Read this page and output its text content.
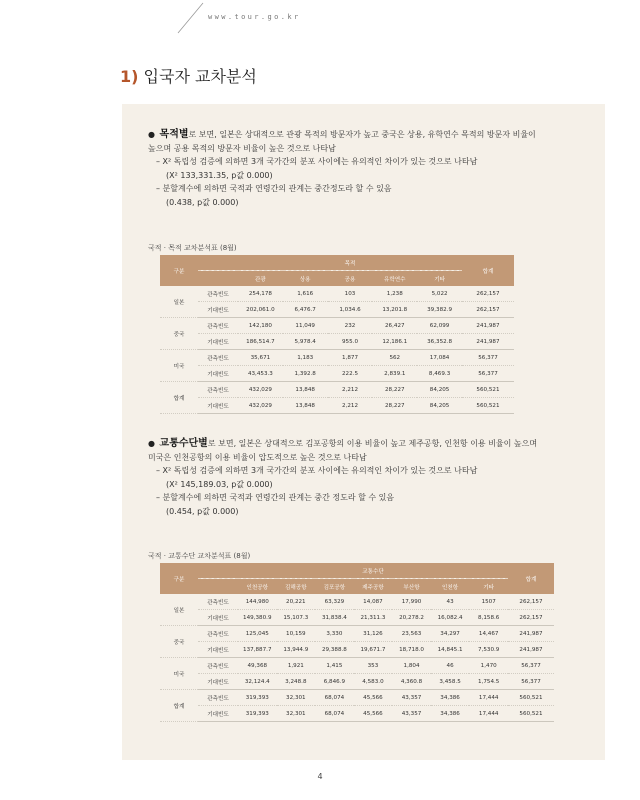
www.tour.go.kr
1) 입국자 교차분석
● 목적별로 보면, 일본은 상대적으로 관광 목적의 방문자가 높고 중국은 상용, 유학연수 목적의 방문자 비율이
높으며 공용 목적의 방문자 비율이 높은 것으로 나타남
– X² 독립성 검증에 의하면 3개 국가간의 분포 사이에는 유의적인 차이가 있는 것으로 나타남
(X² 133,331.35, p값 0.000)
– 분할계수에 의하면 국적과 연령간의 관계는 중간정도라 할 수 있음
(0.438, p값 0.000)
국적 · 목적 교차분석표 (8월)
구분		목적					합계
		관광	상용	공용	유학연수	기타	
일본	관측빈도	254,178	1,616	103	1,238	5,022	262,157
	기대빈도	202,061.0	6,476.7	1,034.6	13,201.8	39,382.9	262,157
중국	관측빈도	142,180	11,049	232	26,427	62,099	241,987
	기대빈도	186,514.7	5,978.4	955.0	12,186.1	36,352.8	241,987
미국	관측빈도	35,671	1,183	1,877	562	17,084	56,377
	기대빈도	43,453.3	1,392.8	222.5	2,839.1	8,469.3	56,377
합계	관측빈도	432,029	13,848	2,212	28,227	84,205	560,521
	기대빈도	432,029	13,848	2,212	28,227	84,205	560,521
● 교통수단별로 보면, 일본은 상대적으로 김포공항의 이용 비율이 높고 제주공항, 인천항 이용 비율이 높으며
미국은 인천공항의 이용 비율이 압도적으로 높은 것으로 나타남
– X² 독립성 검증에 의하면 3개 국가간의 분포 사이에는 유의적인 차이가 있는 것으로 나타남
(X² 145,189.03, p값 0.000)
– 분할계수에 의하면 국적과 연령간의 관계는 중간 정도라 할 수 있음
(0.454, p값 0.000)
국적 · 교통수단 교차분석표 (8월)
구분		교통수단							합계
		인천공항	김해공항	김포공항	제주공항	부산항	인천항	기타	
일본	관측빈도	144,980	20,221	63,329	14,087	17,990	43	1507	262,157
	기대빈도	149,380.9	15,107.3	31,838.4	21,311.3	20,278.2	16,082.4	8,158.6	262,157
중국	관측빈도	125,045	10,159	3,330	31,126	23,563	34,297	14,467	241,987
	기대빈도	137,887.7	13,944.9	29,388.8	19,671.7	18,718.0	14,845.1	7,530.9	241,987
미국	관측빈도	49,368	1,921	1,415	353	1,804	46	1,470	56,377
	기대빈도	32,124.4	3,248.8	6,846.9	4,583.0	4,360.8	3,458.5	1,754.5	56,377
합계	관측빈도	319,393	32,301	68,074	45,566	43,357	34,386	17,444	560,521
	기대빈도	319,393	32,301	68,074	45,566	43,357	34,386	17,444	560,521
4
